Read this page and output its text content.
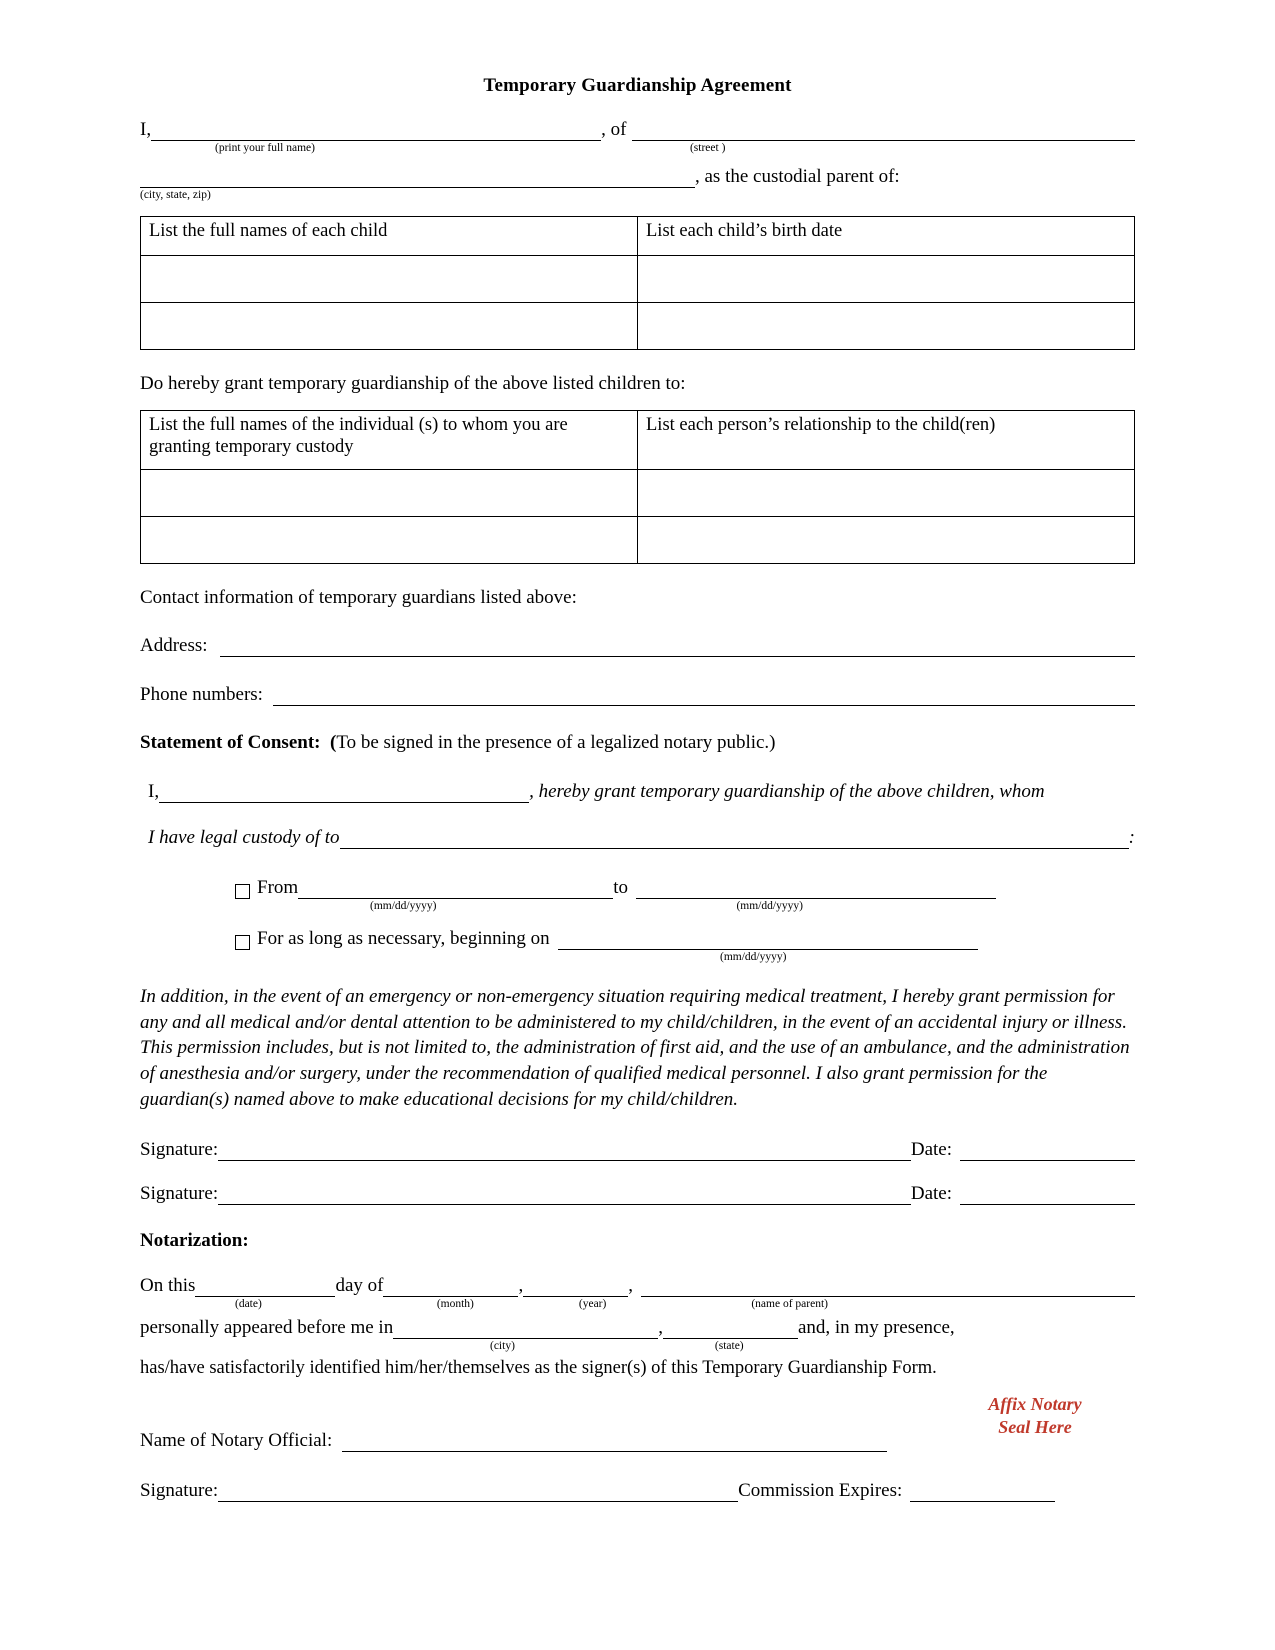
Temporary Guardianship Agreement
I,	, of
(print your full name)	(street )
, as the custodial parent of:
(city, state, zip)
List the full names of each child	List each child’s birth date

Do hereby grant temporary guardianship of the above listed children to:
List the full names of the individual (s) to whom you are granting temporary custody	List each person’s relationship to the child(ren)

Contact information of temporary guardians listed above:
Address:
Phone numbers:
Statement of Consent:  (To be signed in the presence of a legalized notary public.)
I,	, hereby grant temporary guardianship of the above children, whom
I have legal custody of to	:
From	to
(mm/dd/yyyy)	(mm/dd/yyyy)
For as long as necessary, beginning on
(mm/dd/yyyy)
In addition, in the event of an emergency or non-emergency situation requiring medical treatment, I hereby grant permission for any and all medical and/or dental attention to be administered to my child/children, in the event of an accidental injury or illness. This permission includes, but is not limited to, the administration of first aid, and the use of an ambulance, and the administration of anesthesia and/or surgery, under the recommendation of qualified medical personnel. I also grant permission for the guardian(s) named above to make educational decisions for my child/children.
Signature:	Date:
Signature:	Date:
Notarization:
On this	day of	,	,
(date)	(month)	(year)	(name of parent)
personally appeared before me in	,	and, in my presence,
(city)	(state)
has/have satisfactorily identified him/her/themselves as the signer(s) of this Temporary Guardianship Form.
Affix Notary
Seal Here
Name of Notary Official:
Signature:	Commission Expires:
